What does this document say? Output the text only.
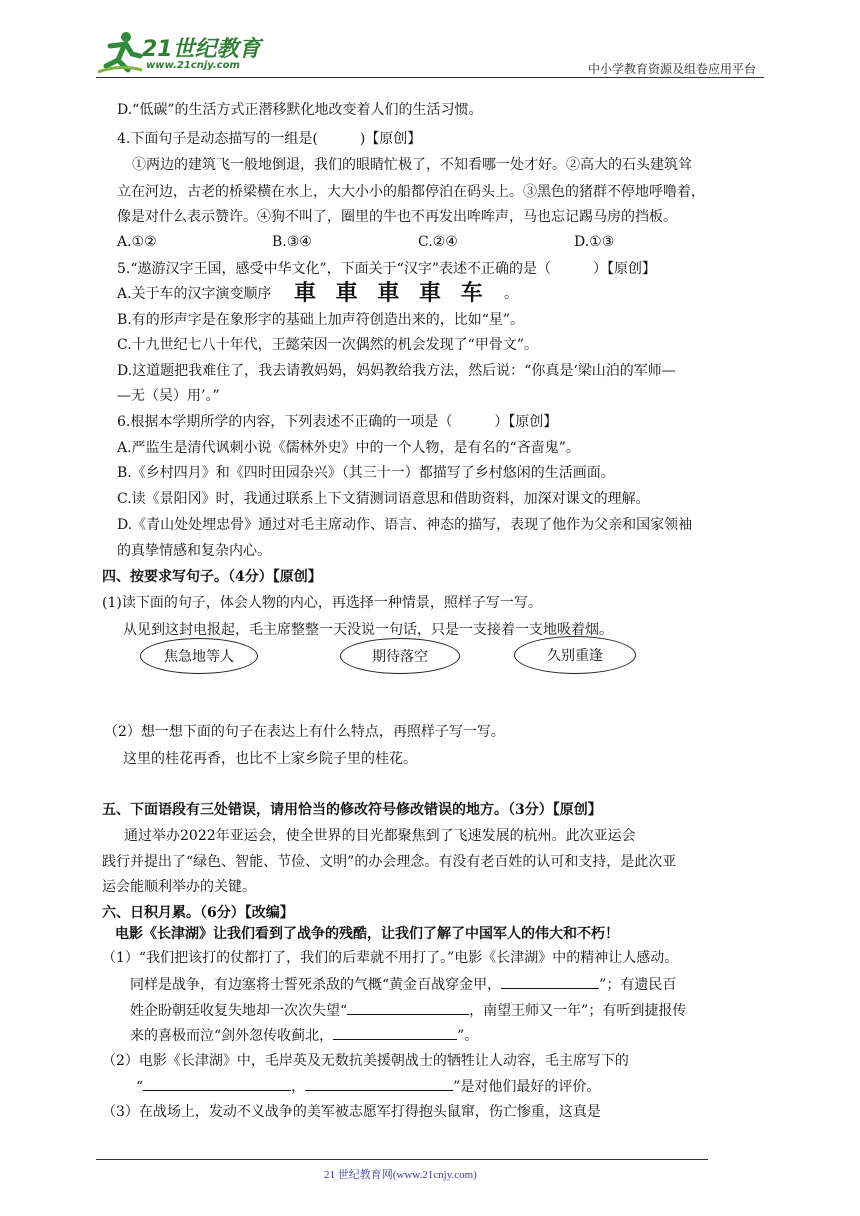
21世纪教育
www.21cnjy.com	中小学教育资源及组卷应用平台
D.“低碳”的生活方式正潜移默化地改变着人们的生活习惯。
4.下面句子是动态描写的一组是(　　　)【原创】
①两边的建筑飞一般地倒退，我们的眼睛忙极了，不知看哪一处才好。②高大的石头建筑耸
立在河边，古老的桥梁横在水上，大大小小的船都停泊在码头上。③黑色的猪群不停地呼噜着，
像是对什么表示赞许。④狗不叫了，圈里的牛也不再发出哞哞声，马也忘记踢马房的挡板。
A.①②	B.③④	C.②④	D.①③
5.“遨游汉字王国，感受中华文化”，下面关于“汉字”表述不正确的是（　　　）【原创】
A.关于车的汉字演变顺序 車 車 車 車 车 。
B.有的形声字是在象形字的基础上加声符创造出来的，比如“星”。
C.十九世纪七八十年代，王懿荣因一次偶然的机会发现了“甲骨文”。
D.这道题把我难住了，我去请教妈妈，妈妈教给我方法，然后说：“你真是‘梁山泊的军师—
—无（吴）用’。”
6.根据本学期所学的内容，下列表述不正确的一项是（　　　）【原创】
A.严监生是清代讽刺小说《儒林外史》中的一个人物，是有名的“吝啬鬼”。
B.《乡村四月》和《四时田园杂兴》（其三十一）都描写了乡村悠闲的生活画面。
C.读《景阳冈》时，我通过联系上下文猜测词语意思和借助资料，加深对课文的理解。
D.《青山处处埋忠骨》通过对毛主席动作、语言、神态的描写，表现了他作为父亲和国家领袖
的真挚情感和复杂内心。
四、按要求写句子。（4分）【原创】
(1)读下面的句子，体会人物的内心，再选择一种情景，照样子写一写。
从见到这封电报起，毛主席整整一天没说一句话，只是一支接着一支地吸着烟。
焦急地等人	期待落空	久别重逢
（2）想一想下面的句子在表达上有什么特点，再照样子写一写。
这里的桂花再香，也比不上家乡院子里的桂花。
五、下面语段有三处错误，请用恰当的修改符号修改错误的地方。（3分）【原创】
通过举办2022年亚运会，使全世界的目光都聚焦到了飞速发展的杭州。此次亚运会
践行并提出了“绿色、智能、节俭、文明”的办会理念。有没有老百姓的认可和支持，是此次亚
运会能顺利举办的关键。
六、日积月累。（6分）【改编】
电影《长津湖》让我们看到了战争的残酷，让我们了解了中国军人的伟大和不朽！
（1）“我们把该打的仗都打了，我们的后辈就不用打了。”电影《长津湖》中的精神让人感动。
同样是战争，有边塞将士誓死杀敌的气概“黄金百战穿金甲，	”；有遗民百
姓企盼朝廷收复失地却一次次失望“	，南望王师又一年”；有听到捷报传
来的喜极而泣“剑外忽传收蓟北，	”。
（2）电影《长津湖》中，毛岸英及无数抗美援朝战士的牺牲让人动容，毛主席写下的
“	，	”是对他们最好的评价。
（3）在战场上，发动不义战争的美军被志愿军打得抱头鼠窜，伤亡惨重，这真是
21 世纪教育网(www.21cnjy.com)
